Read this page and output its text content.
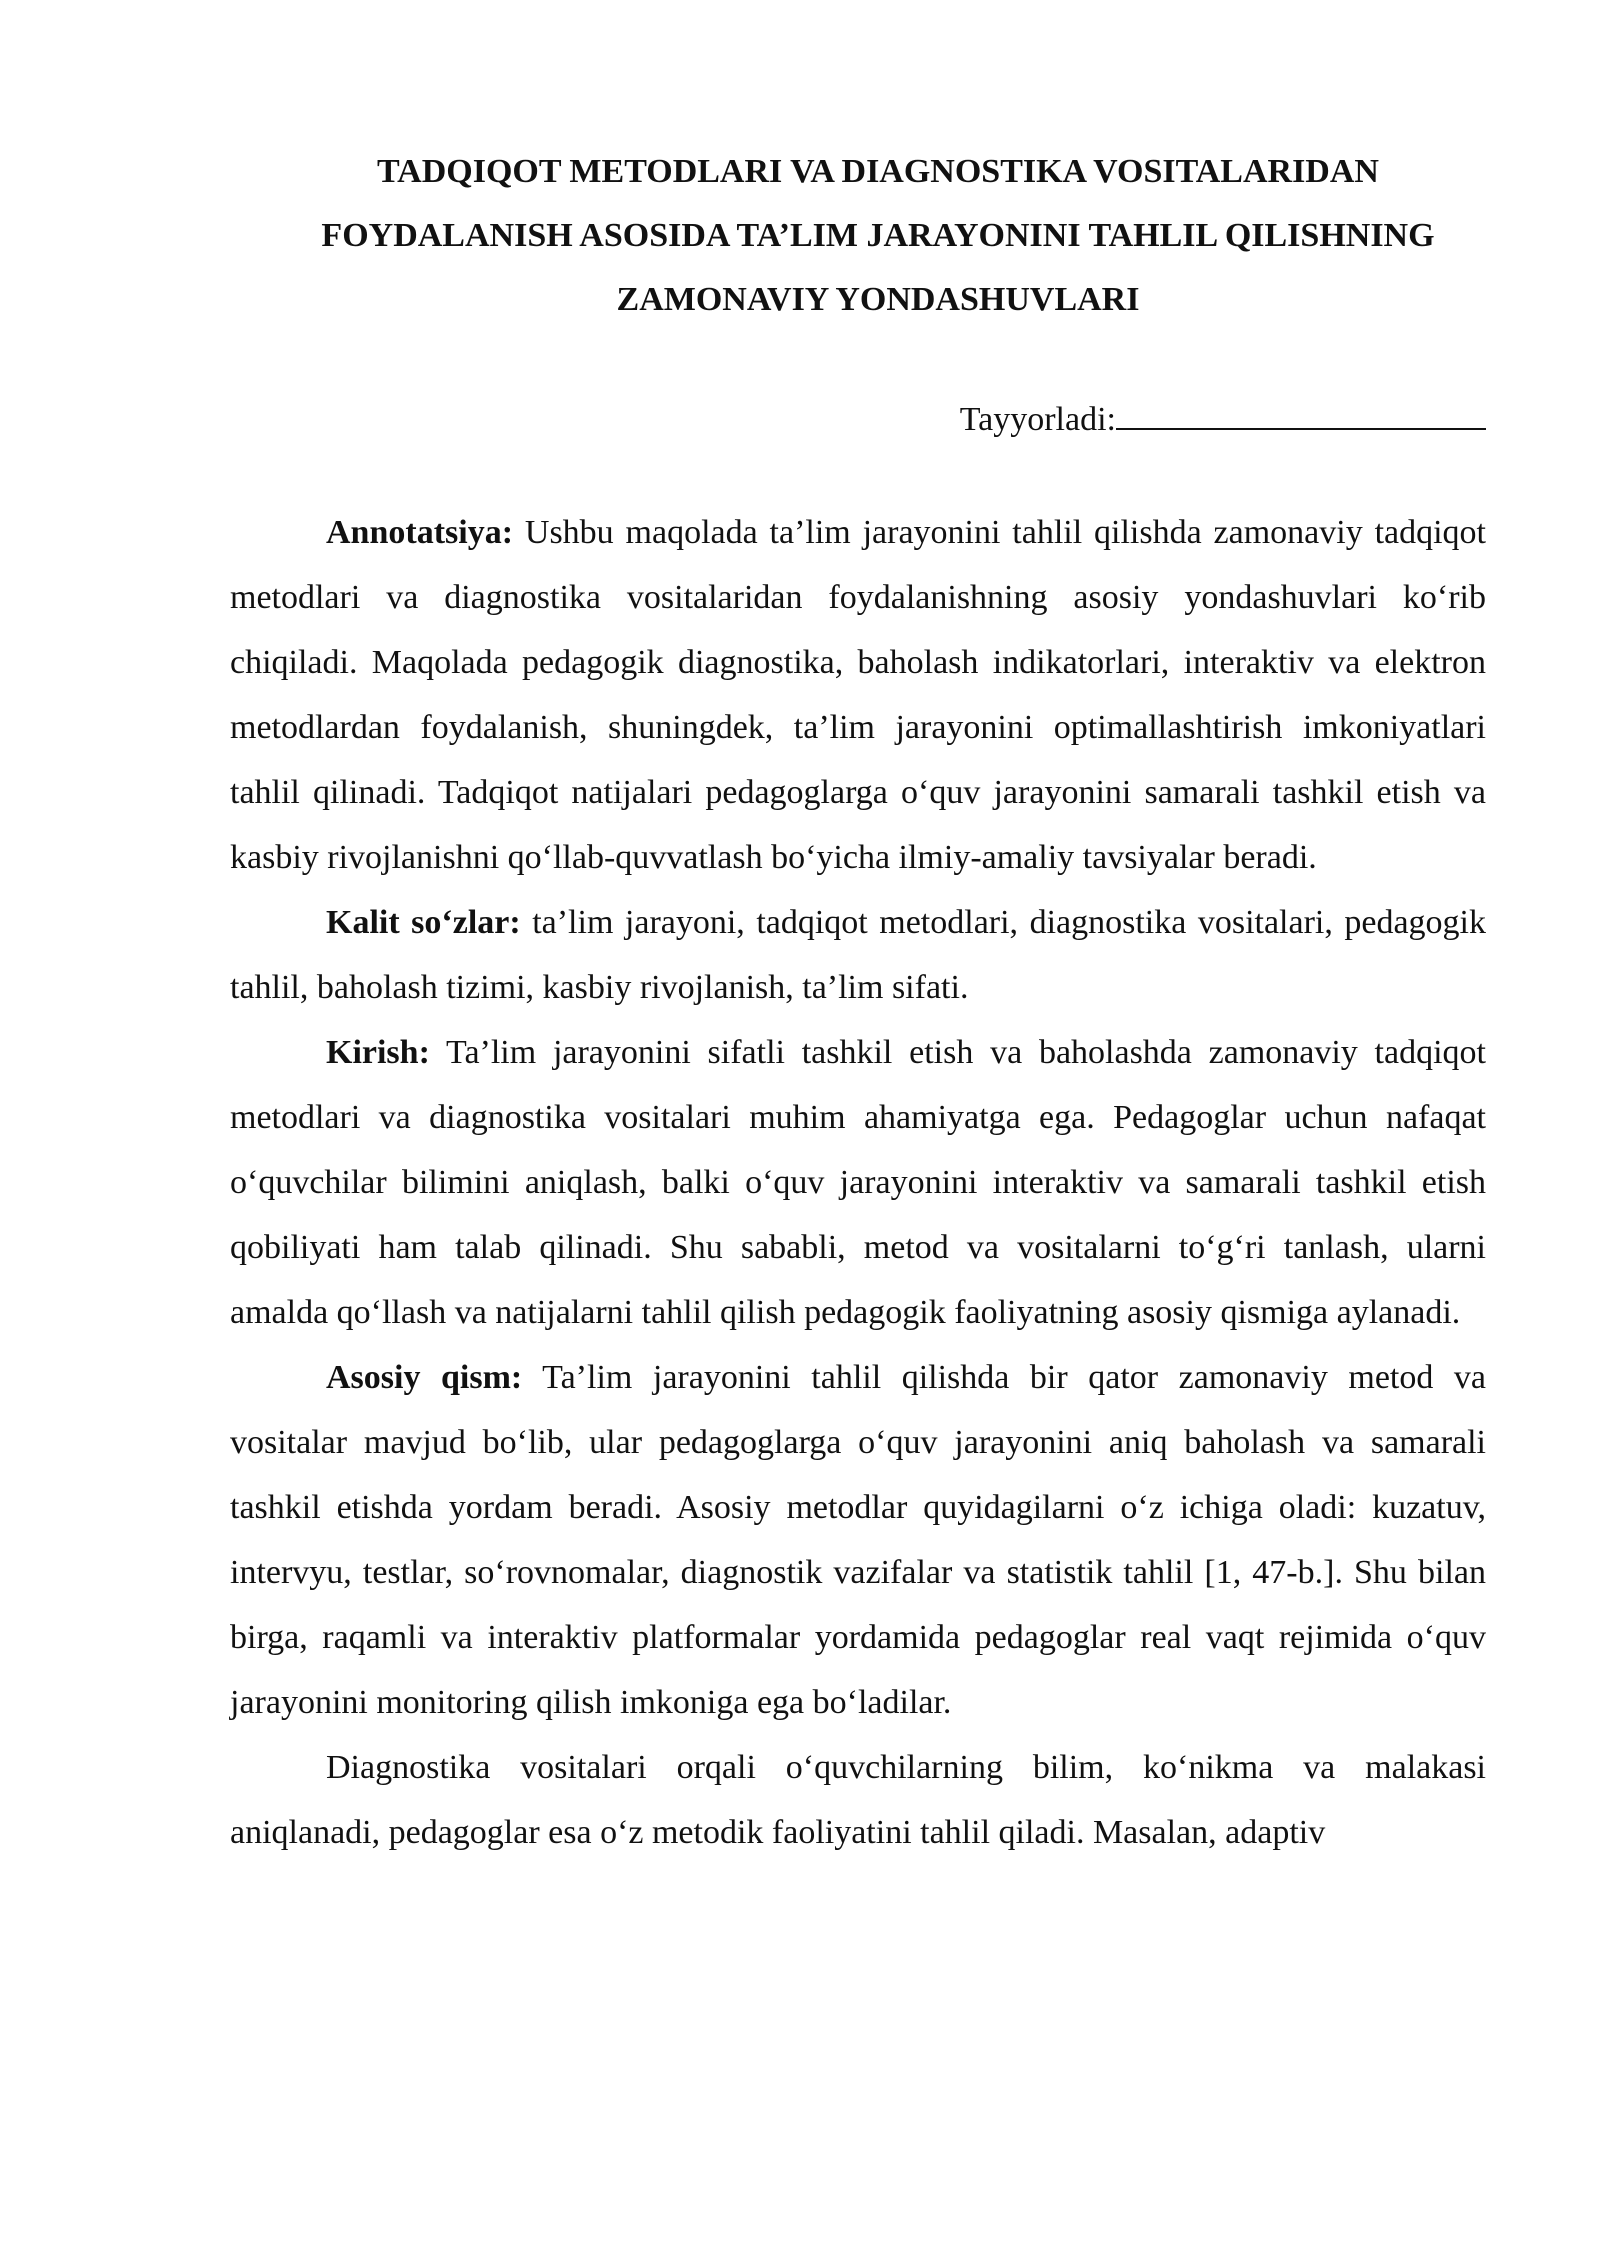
TADQIQOT METODLARI VA DIAGNOSTIKA VOSITALARIDAN
FOYDALANISH ASOSIDA TA’LIM JARAYONINI TAHLIL QILISHNING
ZAMONAVIY YONDASHUVLARI
Tayyorladi:

Annotatsiya: Ushbu maqolada ta’lim jarayonini tahlil qilishda zamonaviy tadqiqot metodlari va diagnostika vositalaridan foydalanishning asosiy yondashuvlari ko‘rib chiqiladi. Maqolada pedagogik diagnostika, baholash indikatorlari, interaktiv va elektron metodlardan foydalanish, shuningdek, ta’lim jarayonini optimallashtirish imkoniyatlari tahlil qilinadi. Tadqiqot natijalari pedagoglarga o‘quv jarayonini samarali tashkil etish va kasbiy rivojlanishni qo‘llab-quvvatlash bo‘yicha ilmiy-amaliy tavsiyalar beradi.

Kalit so‘zlar: ta’lim jarayoni, tadqiqot metodlari, diagnostika vositalari, pedagogik tahlil, baholash tizimi, kasbiy rivojlanish, ta’lim sifati.

Kirish: Ta’lim jarayonini sifatli tashkil etish va baholashda zamonaviy tadqiqot metodlari va diagnostika vositalari muhim ahamiyatga ega. Pedagoglar uchun nafaqat o‘quvchilar bilimini aniqlash, balki o‘quv jarayonini interaktiv va samarali tashkil etish qobiliyati ham talab qilinadi. Shu sababli, metod va vositalarni to‘g‘ri tanlash, ularni amalda qo‘llash va natijalarni tahlil qilish pedagogik faoliyatning asosiy qismiga aylanadi.

Asosiy qism: Ta’lim jarayonini tahlil qilishda bir qator zamonaviy metod va vositalar mavjud bo‘lib, ular pedagoglarga o‘quv jarayonini aniq baholash va samarali tashkil etishda yordam beradi. Asosiy metodlar quyidagilarni o‘z ichiga oladi: kuzatuv, intervyu, testlar, so‘rovnomalar, diagnostik vazifalar va statistik tahlil [1, 47-b.]. Shu bilan birga, raqamli va interaktiv platformalar yordamida pedagoglar real vaqt rejimida o‘quv jarayonini monitoring qilish imkoniga ega bo‘ladilar.

Diagnostika vositalari orqali o‘quvchilarning bilim, ko‘nikma va malakasi aniqlanadi, pedagoglar esa o‘z metodik faoliyatini tahlil qiladi. Masalan, adaptiv
